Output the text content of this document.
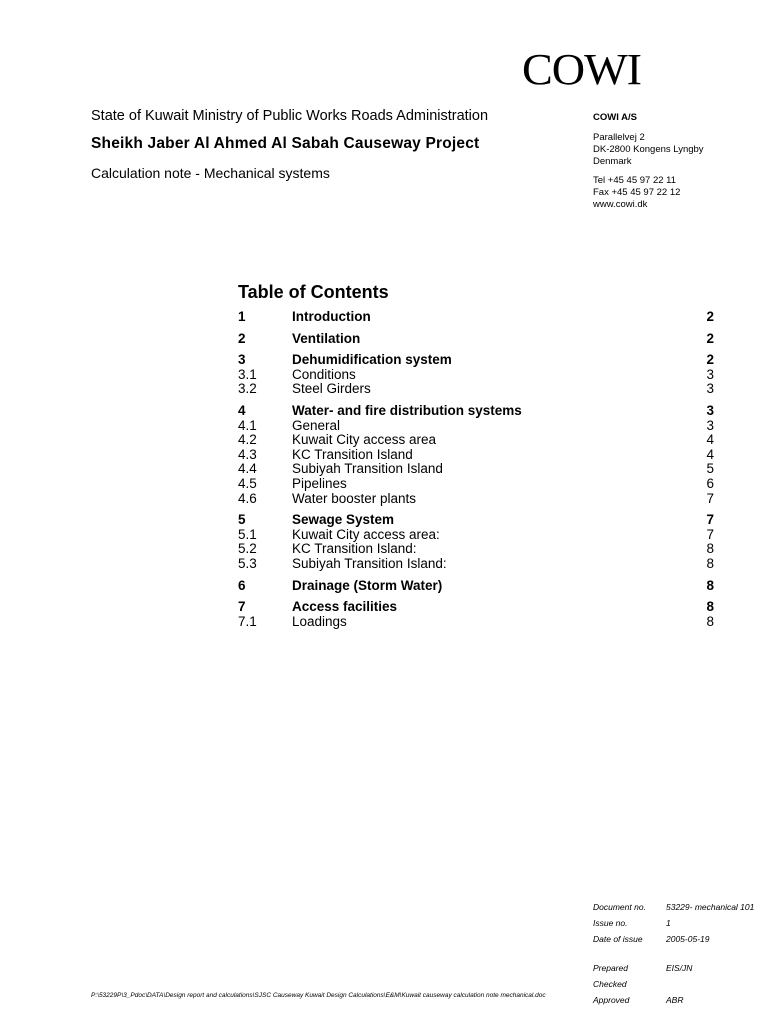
COWI
State of Kuwait Ministry of Public Works Roads Administration
Sheikh Jaber Al Ahmed Al Sabah Causeway Project
Calculation note - Mechanical systems
COWI A/S
Parallelvej 2
DK-2800 Kongens Lyngby
Denmark
Tel +45 45 97 22 11
Fax +45 45 97 22 12
www.cowi.dk
Table of Contents
1	Introduction	2
2	Ventilation	2
3	Dehumidification system	2
3.1	Conditions	3
3.2	Steel Girders	3
4	Water- and fire distribution systems	3
4.1	General	3
4.2	Kuwait City access area	4
4.3	KC Transition Island	4
4.4	Subiyah Transition Island	5
4.5	Pipelines	6
4.6	Water booster plants	7
5	Sewage System	7
5.1	Kuwait City access area:	7
5.2	KC Transition Island:	8
5.3	Subiyah Transition Island:	8
6	Drainage (Storm Water)	8
7	Access facilities	8
7.1	Loadings	8
Document no.	53229- mechanical 101
Issue no.	1
Date of issue	2005-05-19
Prepared	EIS/JN
Checked
Approved	ABR
P:\53229P\3_Pdoc\DATA\Design report and calculations\SJSC Causeway Kuwait Design Calculations\E&M\Kuwait causeway calculation note mechanical.doc
